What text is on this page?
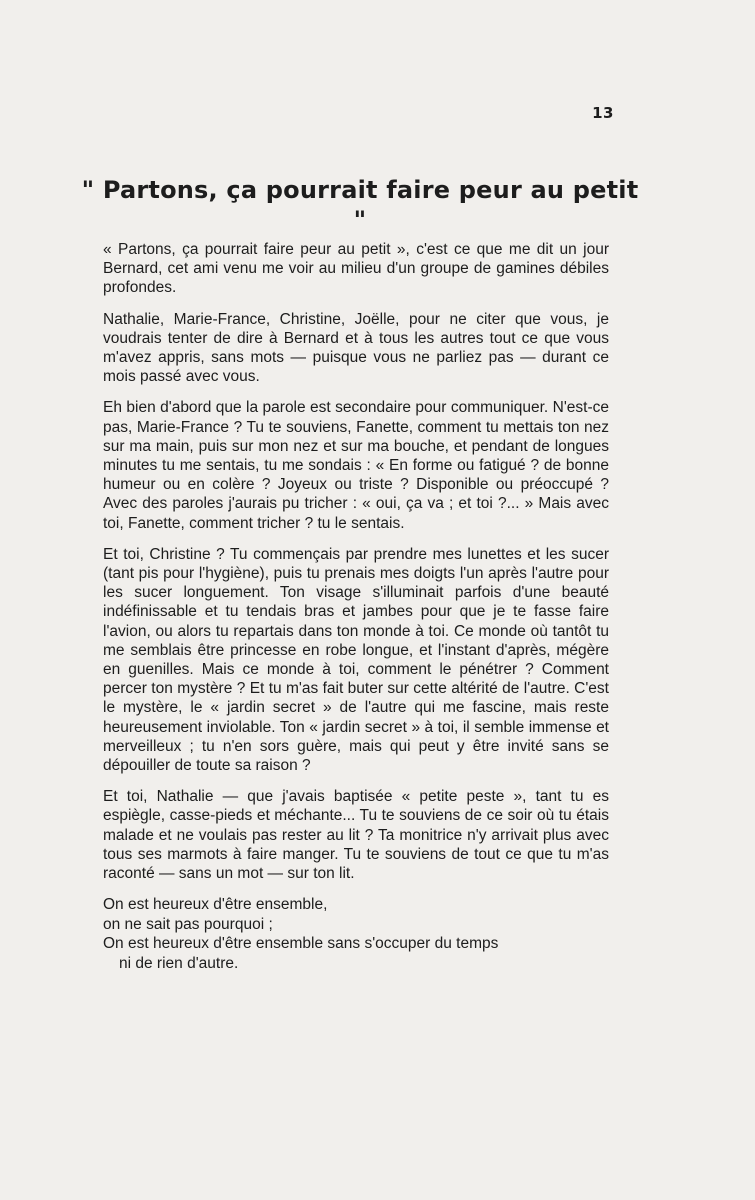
13
" Partons, ça pourrait faire peur au petit "

« Partons, ça pourrait faire peur au petit », c'est ce que me dit un jour Bernard, cet ami venu me voir au milieu d'un groupe de gamines débiles profondes.

Nathalie, Marie-France, Christine, Joëlle, pour ne citer que vous, je voudrais tenter de dire à Bernard et à tous les autres tout ce que vous m'avez appris, sans mots — puisque vous ne parliez pas — durant ce mois passé avec vous.

Eh bien d'abord que la parole est secondaire pour communiquer. N'est-ce pas, Marie-France ? Tu te souviens, Fanette, comment tu mettais ton nez sur ma main, puis sur mon nez et sur ma bouche, et pendant de longues minutes tu me sentais, tu me sondais : « En forme ou fatigué ? de bonne humeur ou en colère ? Joyeux ou triste ? Disponible ou préoccupé ? Avec des paroles j'aurais pu tricher : « oui, ça va ; et toi ?... » Mais avec toi, Fanette, comment tricher ? tu le sentais.

Et toi, Christine ? Tu commençais par prendre mes lunettes et les sucer (tant pis pour l'hygiène), puis tu prenais mes doigts l'un après l'autre pour les sucer longuement. Ton visage s'illuminait parfois d'une beauté indéfinissable et tu tendais bras et jambes pour que je te fasse faire l'avion, ou alors tu repartais dans ton monde à toi. Ce monde où tantôt tu me semblais être princesse en robe longue, et l'instant d'après, mégère en guenilles. Mais ce monde à toi, comment le pénétrer ? Comment percer ton mystère ? Et tu m'as fait buter sur cette altérité de l'autre. C'est le mystère, le « jardin secret » de l'autre qui me fascine, mais reste heureusement inviolable. Ton « jardin secret » à toi, il semble immense et merveilleux ; tu n'en sors guère, mais qui peut y être invité sans se dépouiller de toute sa raison ?

Et toi, Nathalie — que j'avais baptisée « petite peste », tant tu es espiègle, casse-pieds et méchante... Tu te souviens de ce soir où tu étais malade et ne voulais pas rester au lit ? Ta monitrice n'y arrivait plus avec tous ses marmots à faire manger. Tu te souviens de tout ce que tu m'as raconté — sans un mot — sur ton lit.

On est heureux d'être ensemble,
on ne sait pas pourquoi ;
On est heureux d'être ensemble sans s'occuper du temps
ni de rien d'autre.
